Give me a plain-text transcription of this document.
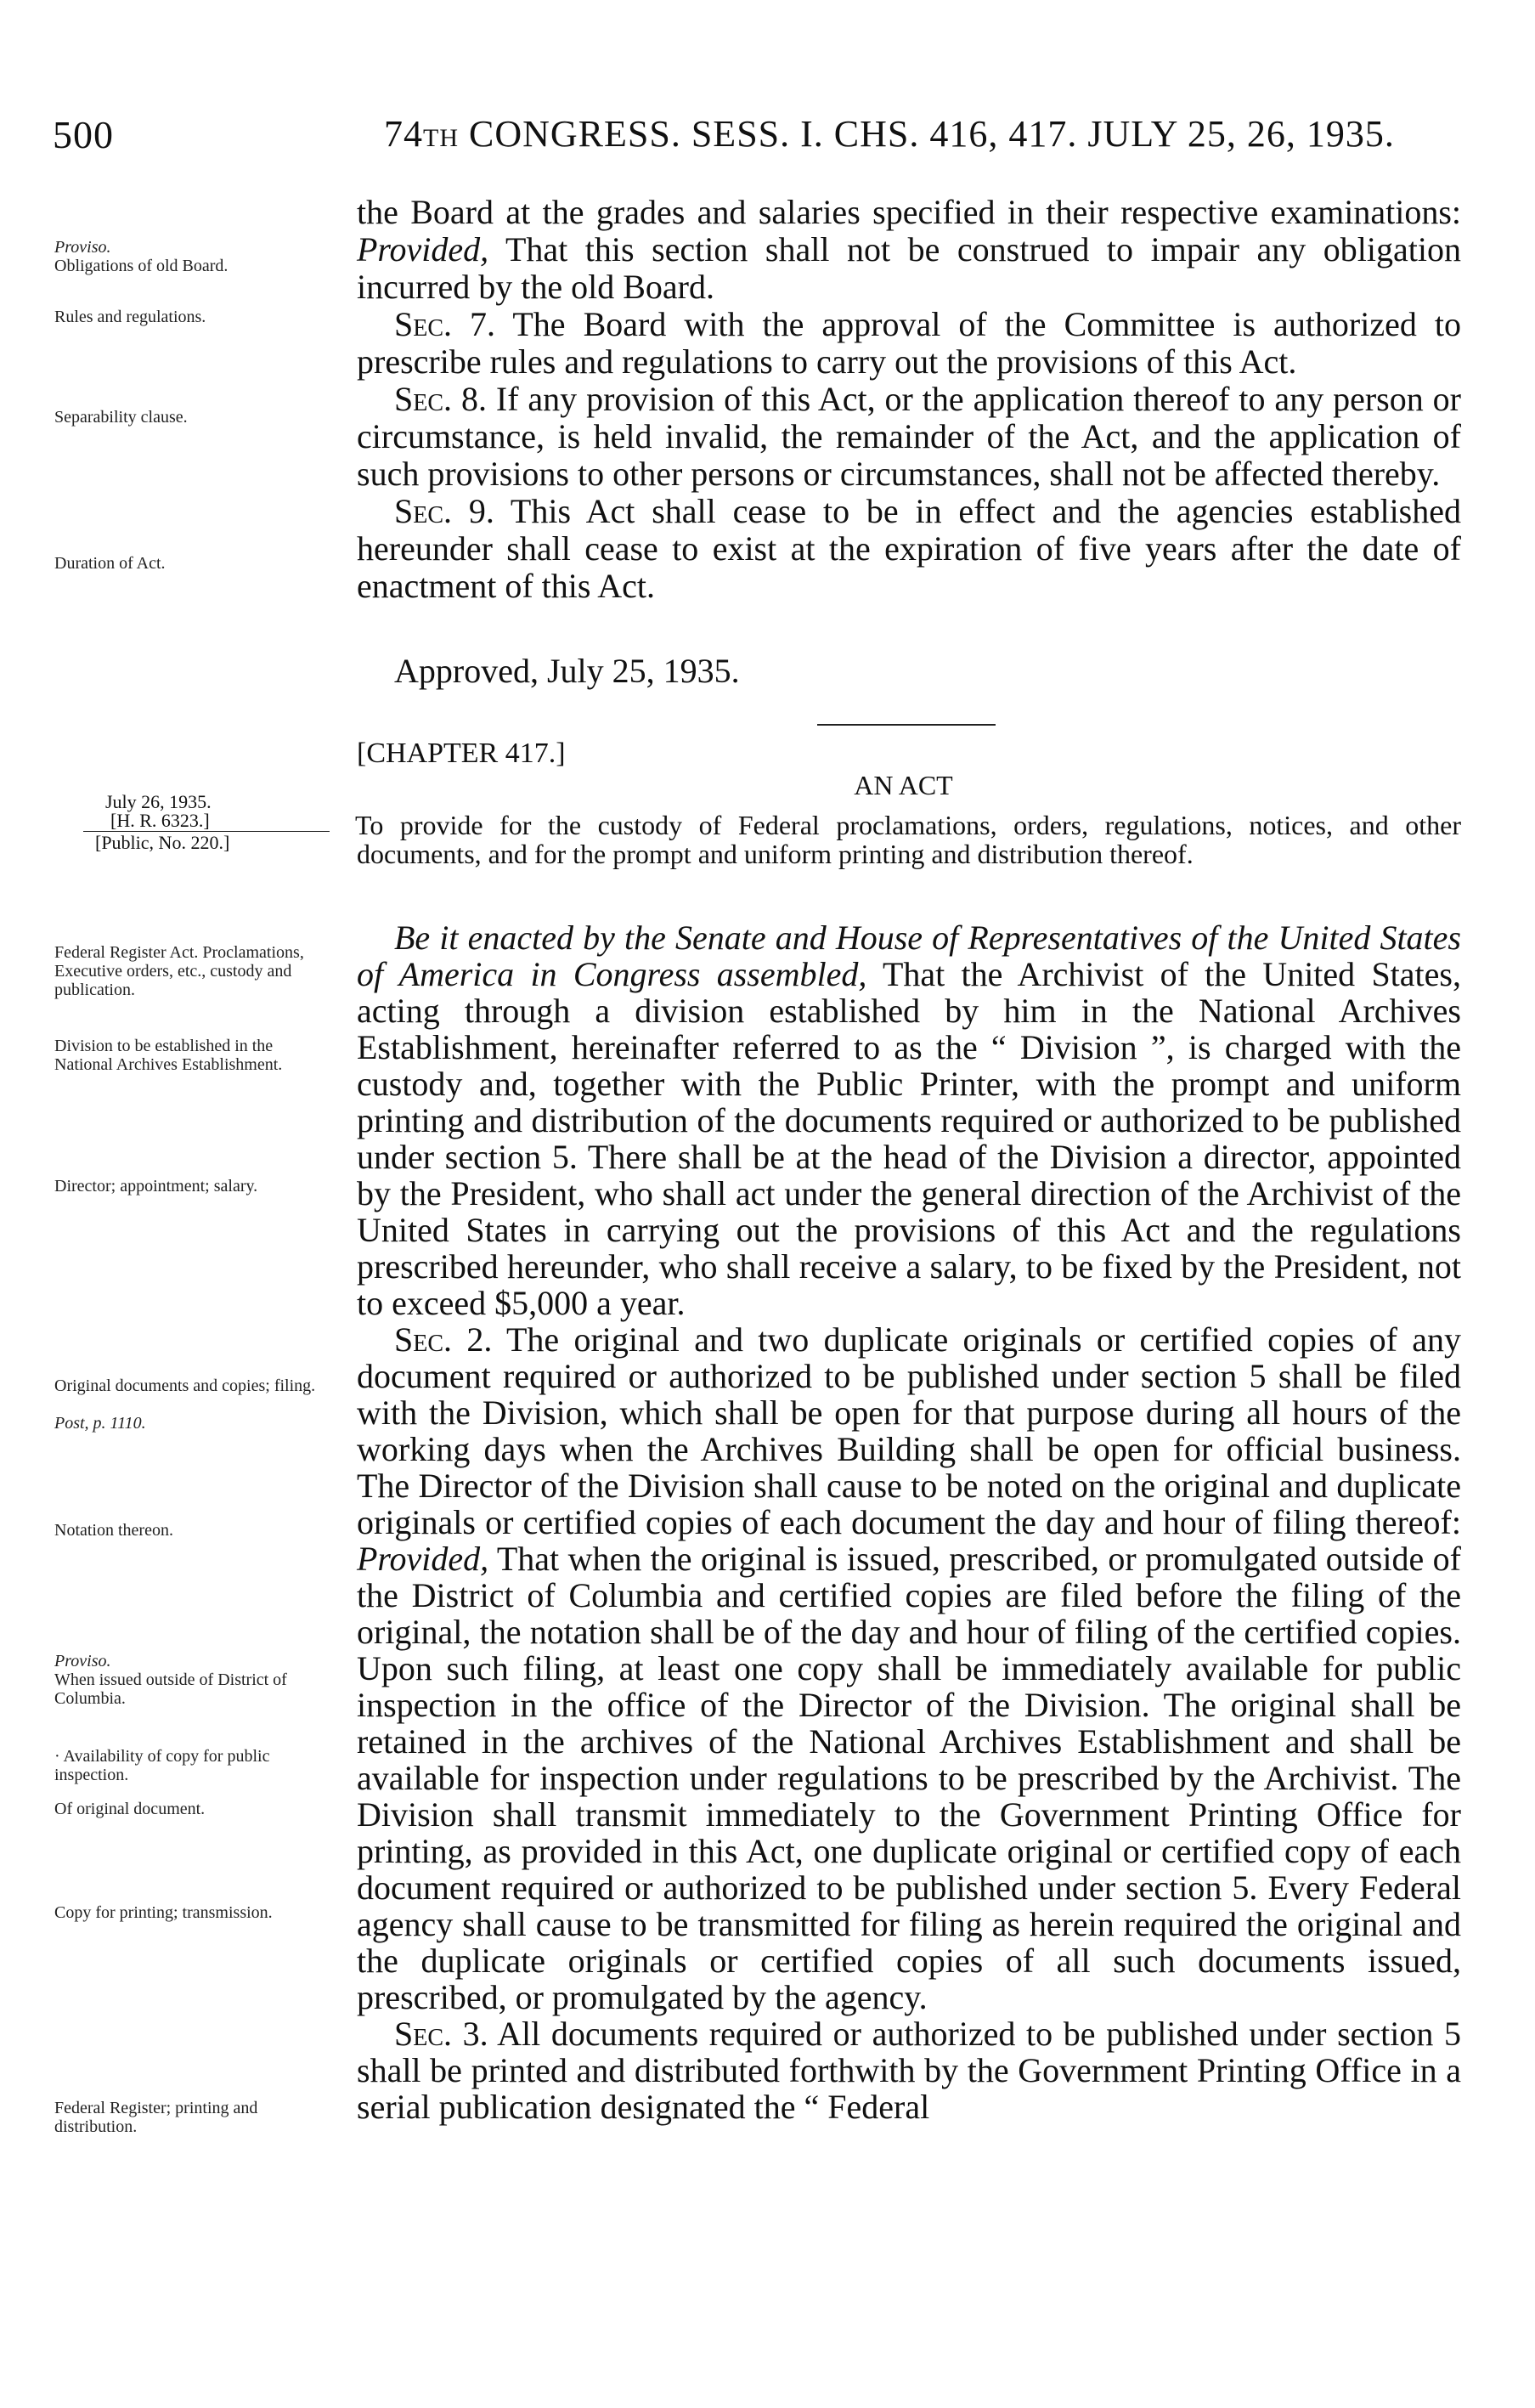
500	74TH CONGRESS. SESS. I. CHS. 416, 417. JULY 25, 26, 1935.
Proviso.
Obligations of old Board.
Rules and regulations.
Separability clause.
Duration of Act.

the Board at the grades and salaries specified in their respective examinations: Provided, That this section shall not be construed to impair any obligation incurred by the old Board.

Sec. 7. The Board with the approval of the Committee is authorized to prescribe rules and regulations to carry out the provisions of this Act.

Sec. 8. If any provision of this Act, or the application thereof to any person or circumstance, is held invalid, the remainder of the Act, and the application of such provisions to other persons or circumstances, shall not be affected thereby.

Sec. 9. This Act shall cease to be in effect and the agencies established hereunder shall cease to exist at the expiration of five years after the date of enactment of this Act.

Approved, July 25, 1935.
[CHAPTER 417.]
AN ACT
July 26, 1935.
[H. R. 6323.]
[Public, No. 220.]

To provide for the custody of Federal proclamations, orders, regulations, notices, and other documents, and for the prompt and uniform printing and distribution thereof.

Federal Register Act. Proclamations, Executive orders, etc., custody and publication.
Division to be established in the National Archives Establishment.
Director; appointment; salary.
Original documents and copies; filing.
Post, p. 1110.
Notation thereon.
Proviso.
When issued outside of District of Columbia.
· Availability of copy for public inspection.
Of original document.
Copy for printing; transmission.
Federal Register; printing and distribution.

Be it enacted by the Senate and House of Representatives of the United States of America in Congress assembled, That the Archivist of the United States, acting through a division established by him in the National Archives Establishment, hereinafter referred to as the “ Division ”, is charged with the custody and, together with the Public Printer, with the prompt and uniform printing and distribution of the documents required or authorized to be published under section 5. There shall be at the head of the Division a director, appointed by the President, who shall act under the general direction of the Archivist of the United States in carrying out the provisions of this Act and the regulations prescribed hereunder, who shall receive a salary, to be fixed by the President, not to exceed $5,000 a year.

Sec. 2. The original and two duplicate originals or certified copies of any document required or authorized to be published under section 5 shall be filed with the Division, which shall be open for that purpose during all hours of the working days when the Archives Building shall be open for official business. The Director of the Division shall cause to be noted on the original and duplicate originals or certified copies of each document the day and hour of filing thereof: Provided, That when the original is issued, prescribed, or promulgated outside of the District of Columbia and certified copies are filed before the filing of the original, the notation shall be of the day and hour of filing of the certified copies. Upon such filing, at least one copy shall be immediately available for public inspection in the office of the Director of the Division. The original shall be retained in the archives of the National Archives Establishment and shall be available for inspection under regulations to be prescribed by the Archivist. The Division shall transmit immediately to the Government Printing Office for printing, as provided in this Act, one duplicate original or certified copy of each document required or authorized to be published under section 5. Every Federal agency shall cause to be transmitted for filing as herein required the original and the duplicate originals or certified copies of all such documents issued, prescribed, or promulgated by the agency.

Sec. 3. All documents required or authorized to be published under section 5 shall be printed and distributed forthwith by the Government Printing Office in a serial publication designated the “ Federal
